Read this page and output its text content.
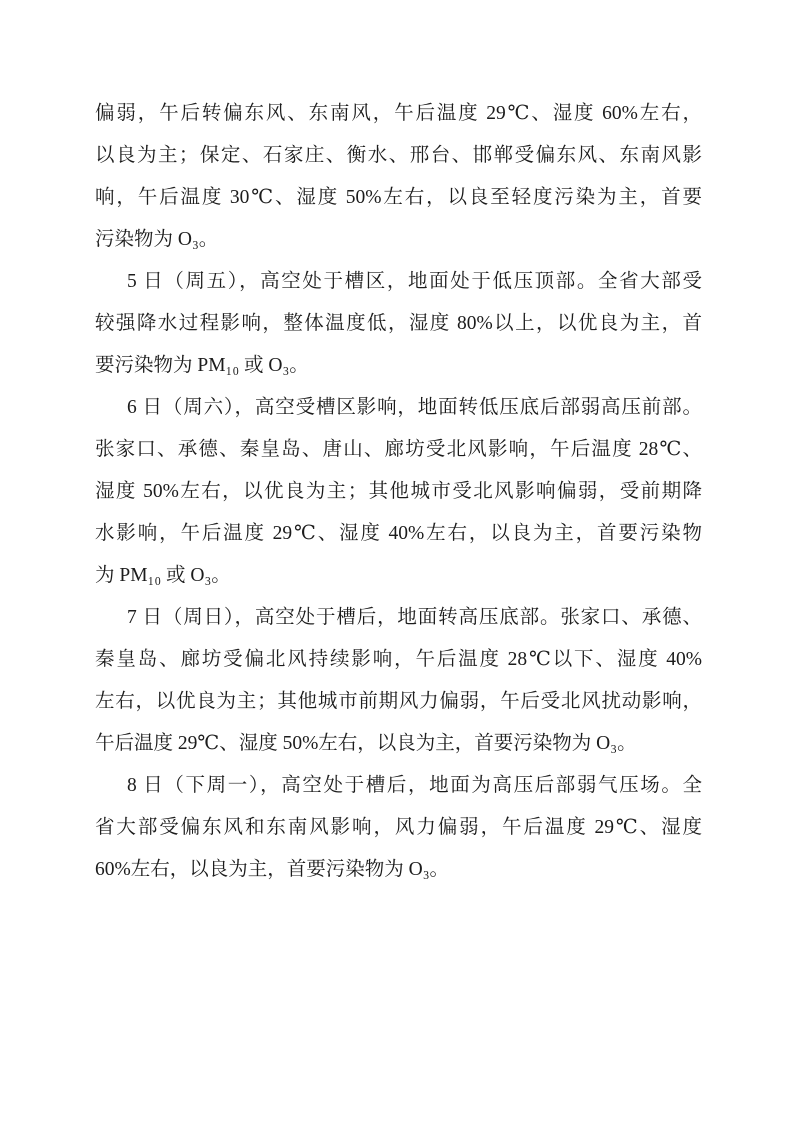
偏弱，午后转偏东风、东南风，午后温度 29℃、湿度 60%左右，
以良为主；保定、石家庄、衡水、邢台、邯郸受偏东风、东南风影
响，午后温度 30℃、湿度 50%左右，以良至轻度污染为主，首要
污染物为 O₃。
5 日（周五），高空处于槽区，地面处于低压顶部。全省大部受
较强降水过程影响，整体温度低，湿度 80%以上，以优良为主，首
要污染物为 PM₁₀ 或 O₃。
6 日（周六），高空受槽区影响，地面转低压底后部弱高压前部。
张家口、承德、秦皇岛、唐山、廊坊受北风影响，午后温度 28℃、
湿度 50%左右，以优良为主；其他城市受北风影响偏弱，受前期降
水影响，午后温度 29℃、湿度 40%左右，以良为主，首要污染物
为 PM₁₀ 或 O₃。
7 日（周日），高空处于槽后，地面转高压底部。张家口、承德、
秦皇岛、廊坊受偏北风持续影响，午后温度 28℃以下、湿度 40%
左右，以优良为主；其他城市前期风力偏弱，午后受北风扰动影响，
午后温度 29℃、湿度 50%左右，以良为主，首要污染物为 O₃。
8 日（下周一），高空处于槽后，地面为高压后部弱气压场。全
省大部受偏东风和东南风影响，风力偏弱，午后温度 29℃、湿度
60%左右，以良为主，首要污染物为 O₃。
